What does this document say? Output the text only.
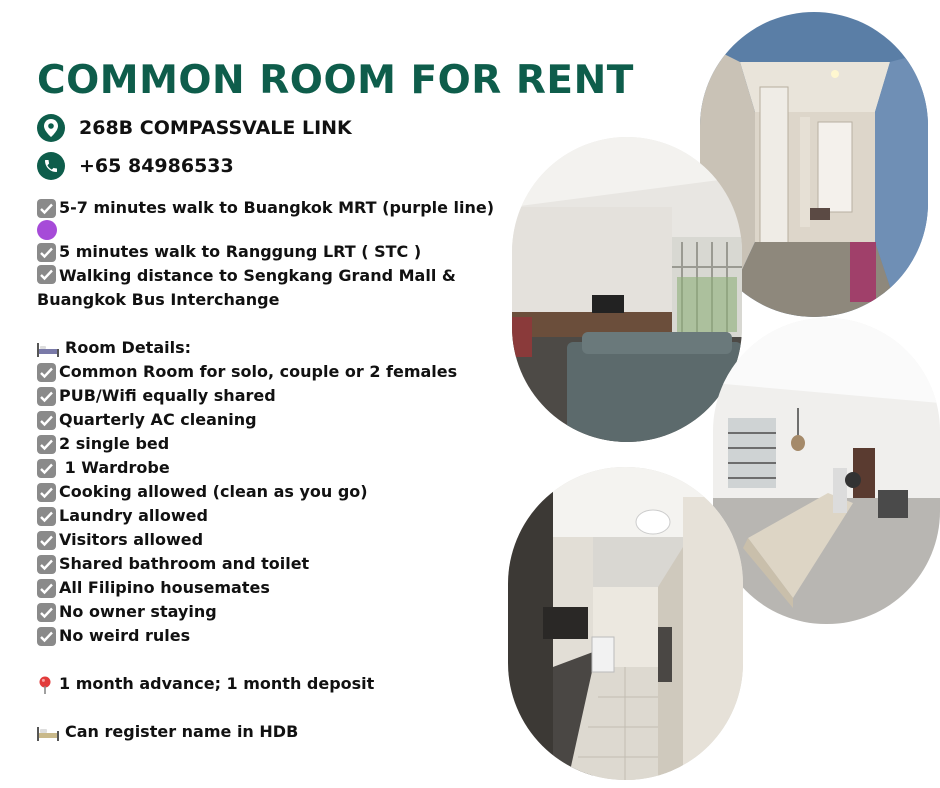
COMMON ROOM FOR RENT
268B COMPASSVALE LINK
+65 84986533
5-7 minutes walk to Buangkok MRT (purple line)
5 minutes walk to Ranggung LRT ( STC )
Walking distance to Sengkang Grand Mall & Buangkok Bus Interchange
Room Details:
Common Room for solo, couple or 2 females
PUB/Wifi equally shared
Quarterly AC cleaning
2 single bed
1 Wardrobe
Cooking allowed (clean as you go)
Laundry allowed
Visitors allowed
Shared bathroom and toilet
All Filipino housemates
No owner staying
No weird rules
1 month advance; 1 month deposit
Can register name in HDB
